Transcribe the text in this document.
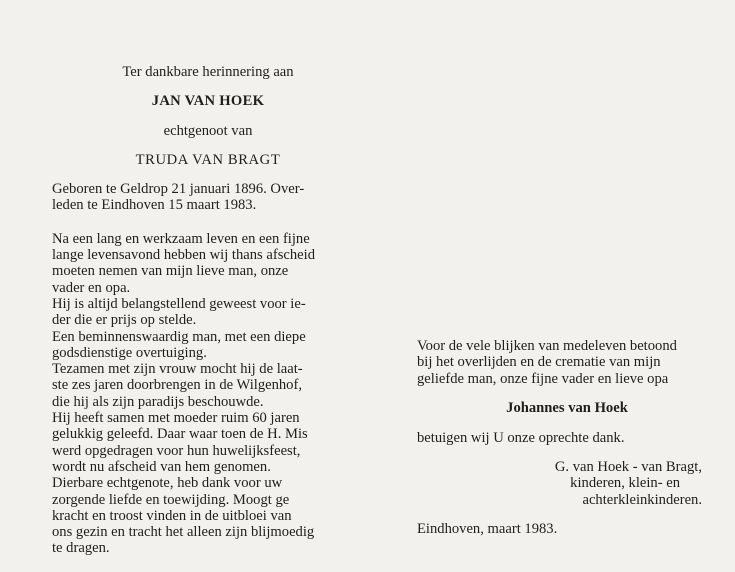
Ter dankbare herinnering aan
JAN VAN HOEK
echtgenoot van
TRUDA VAN BRAGT

Geboren te Geldrop 21 januari 1896. Over-

leden te Eindhoven 15 maart 1983.

Na een lang en werkzaam leven en een fijne

lange levensavond hebben wij thans afscheid

moeten nemen van mijn lieve man, onze

vader en opa.

Hij is altijd belangstellend geweest voor ie-

der die er prijs op stelde.

Een beminnenswaardig man, met een diepe

godsdienstige overtuiging.

Tezamen met zijn vrouw mocht hij de laat-

ste zes jaren doorbrengen in de Wilgenhof,

die hij als zijn paradijs beschouwde.

Hij heeft samen met moeder ruim 60 jaren

gelukkig geleefd. Daar waar toen de H. Mis

werd opgedragen voor hun huwelijksfeest,

wordt nu afscheid van hem genomen.

Dierbare echtgenote, heb dank voor uw

zorgende liefde en toewijding. Moogt ge

kracht en troost vinden in de uitbloei van

ons gezin en tracht het alleen zijn blijmoedig

te dragen.

Voor de vele blijken van medeleven betoond

bij het overlijden en de crematie van mijn

geliefde man, onze fijne vader en lieve opa

Johannes van Hoek
betuigen wij U onze oprechte dank.
G. van Hoek - van Bragt,
kinderen, klein- en
achterkleinkinderen.
Eindhoven, maart 1983.
